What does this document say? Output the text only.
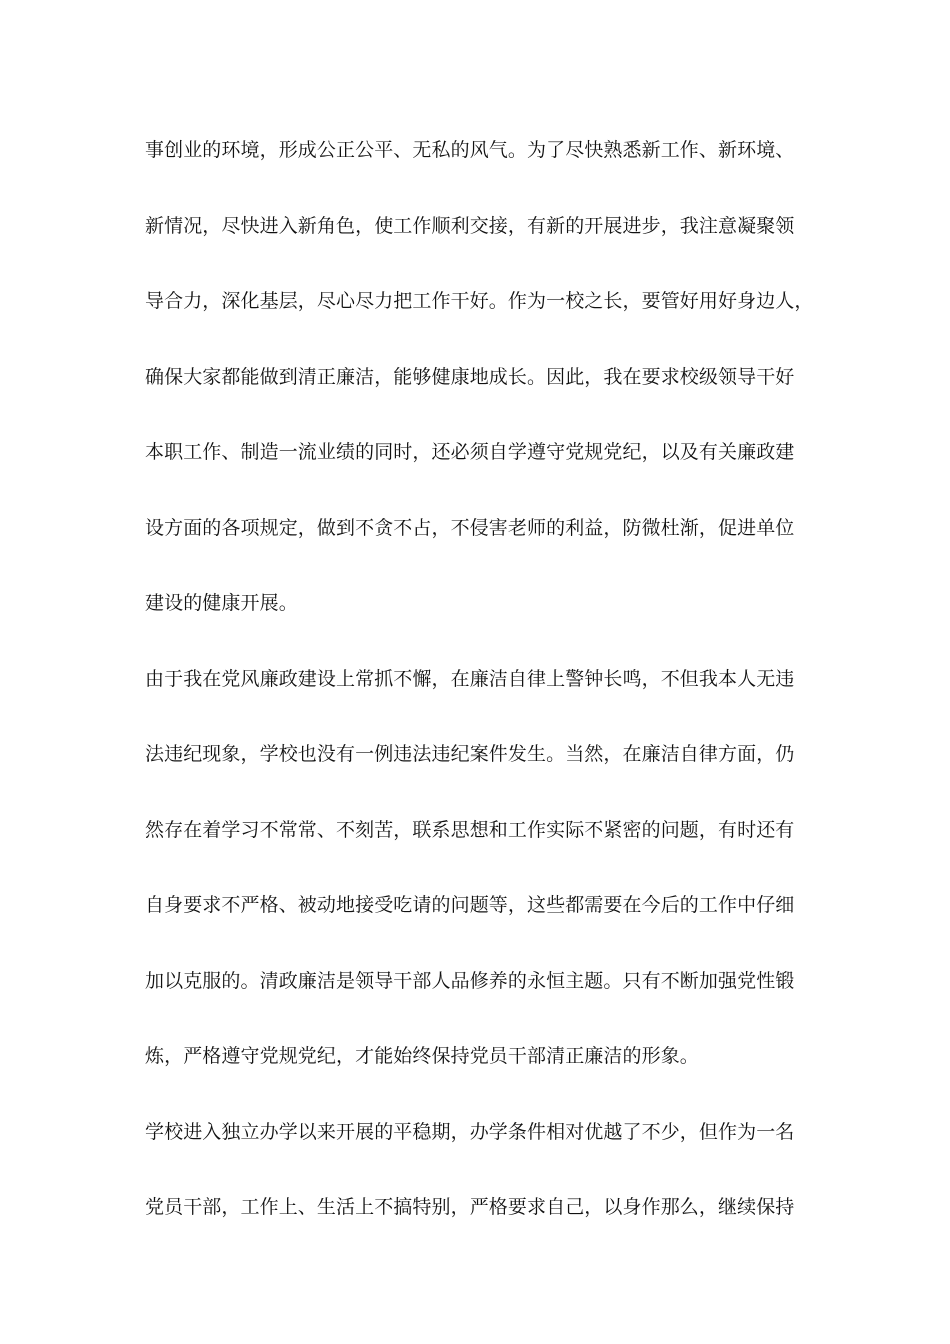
事创业的环境，形成公正公平、无私的风气。为了尽快熟悉新工作、新环境、
新情况，尽快进入新角色，使工作顺利交接，有新的开展进步，我注意凝聚领
导合力，深化基层，尽心尽力把工作干好。作为一校之长，要管好用好身边人，
确保大家都能做到清正廉洁，能够健康地成长。因此，我在要求校级领导干好
本职工作、制造一流业绩的同时，还必须自学遵守党规党纪，以及有关廉政建
设方面的各项规定，做到不贪不占，不侵害老师的利益，防微杜渐，促进单位
建设的健康开展。
由于我在党风廉政建设上常抓不懈，在廉洁自律上警钟长鸣，不但我本人无违
法违纪现象，学校也没有一例违法违纪案件发生。当然，在廉洁自律方面，仍
然存在着学习不常常、不刻苦，联系思想和工作实际不紧密的问题，有时还有
自身要求不严格、被动地接受吃请的问题等，这些都需要在今后的工作中仔细
加以克服的。清政廉洁是领导干部人品修养的永恒主题。只有不断加强党性锻
炼，严格遵守党规党纪，才能始终保持党员干部清正廉洁的形象。
学校进入独立办学以来开展的平稳期，办学条件相对优越了不少，但作为一名
党员干部，工作上、生活上不搞特别，严格要求自己，以身作那么，继续保持
